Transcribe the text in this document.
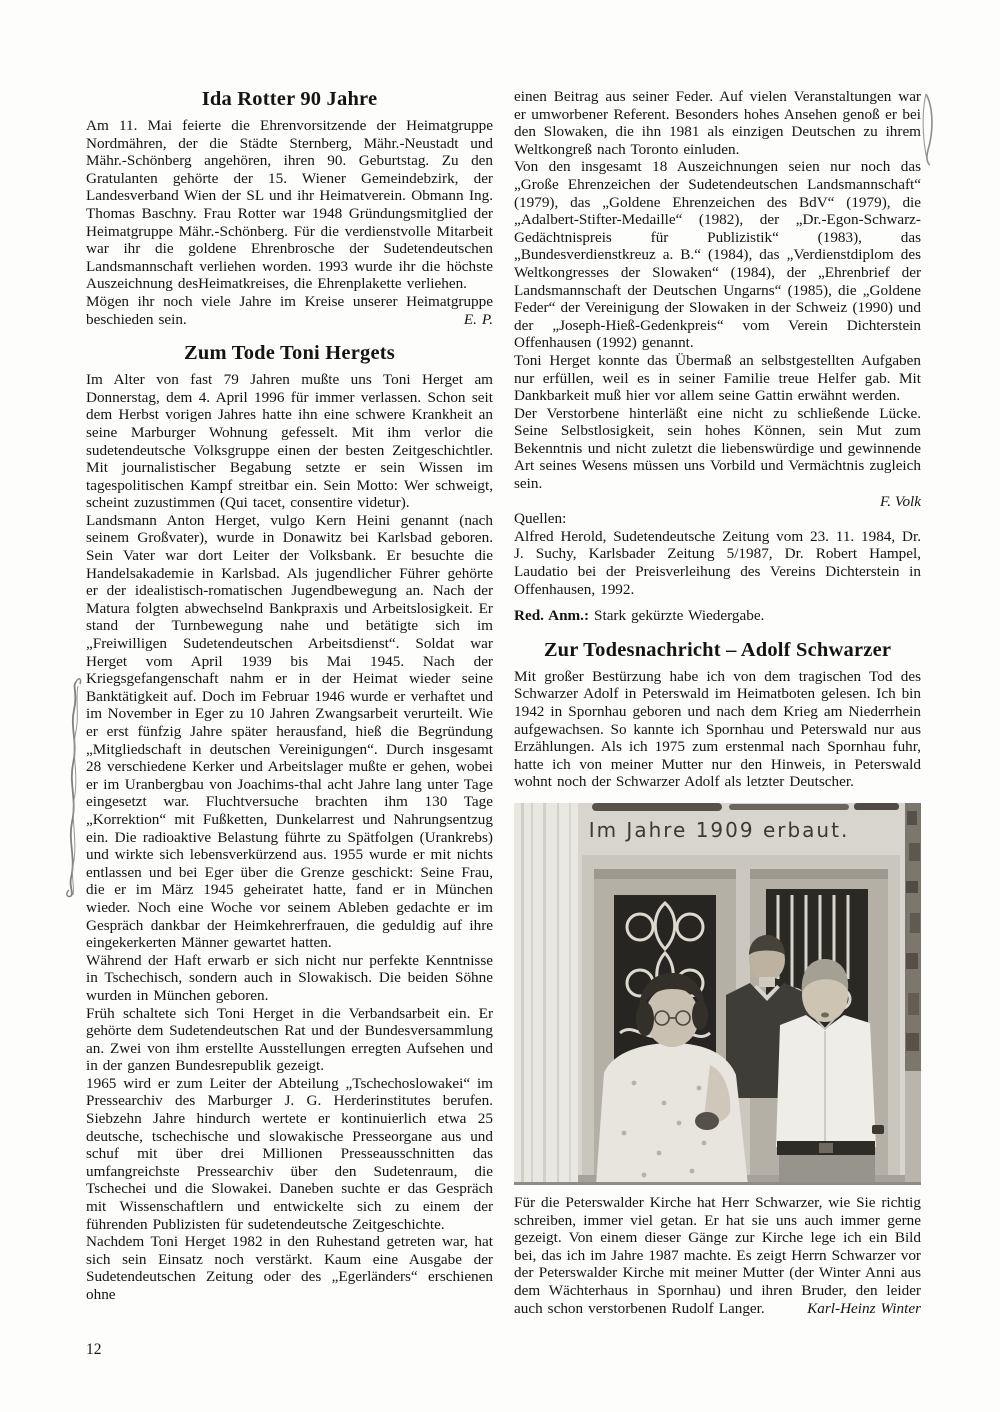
Ida Rotter 90 Jahre

Am 11. Mai feierte die Ehrenvorsitzende der Heimatgruppe Nordmähren, der die Städte Sternberg, Mähr.-Neustadt und Mähr.-Schönberg angehören, ihren 90. Geburtstag. Zu den Gratulanten gehörte der 15. Wiener Gemeindebzirk, der Landesverband Wien der SL und ihr Heimatverein. Obmann Ing. Thomas Baschny. Frau Rotter war 1948 Gründungsmitglied der Heimatgruppe Mähr.-Schönberg. Für die verdienstvolle Mitarbeit war ihr die goldene Ehrenbrosche der Sudetendeutschen Landsmannschaft verliehen worden. 1993 wurde ihr die höchste Auszeichnung desHeimatkreises, die Ehrenplakette verliehen.

Mögen ihr noch viele Jahre im Kreise unserer Heimatgruppe beschieden sein.	E. P.

Zum Tode Toni Hergets

Im Alter von fast 79 Jahren mußte uns Toni Herget am Donnerstag, dem 4. April 1996 für immer verlassen. Schon seit dem Herbst vorigen Jahres hatte ihn eine schwere Krankheit an seine Marburger Wohnung gefesselt. Mit ihm verlor die sudetendeutsche Volksgruppe einen der besten Zeitgeschichtler. Mit journalistischer Begabung setzte er sein Wissen im tagespolitischen Kampf streitbar ein. Sein Motto: Wer schweigt, scheint zuzustimmen (Qui tacet, consentire videtur).

Landsmann Anton Herget, vulgo Kern Heini genannt (nach seinem Großvater), wurde in Donawitz bei Karlsbad geboren. Sein Vater war dort Leiter der Volksbank. Er besuchte die Handelsakademie in Karlsbad. Als jugendlicher Führer gehörte er der idealistisch-romatischen Jugendbewegung an. Nach der Matura folgten abwechselnd Bankpraxis und Arbeitslosigkeit. Er stand der Turnbewegung nahe und betätigte sich im „Freiwilligen Sudetendeutschen Arbeitsdienst“. Soldat war Herget vom April 1939 bis Mai 1945. Nach der Kriegsgefangenschaft nahm er in der Heimat wieder seine Banktätigkeit auf. Doch im Februar 1946 wurde er verhaftet und im November in Eger zu 10 Jahren Zwangsarbeit verurteilt. Wie er erst fünfzig Jahre später herausfand, hieß die Begründung „Mitgliedschaft in deutschen Vereinigungen“. Durch insgesamt 28 verschiedene Kerker und Arbeitslager mußte er gehen, wobei er im Uranbergbau von Joachims-thal acht Jahre lang unter Tage eingesetzt war. Fluchtversuche brachten ihm 130 Tage „Korrektion“ mit Fußketten, Dunkelarrest und Nahrungsentzug ein. Die radioaktive Belastung führte zu Spätfolgen (Urankrebs) und wirkte sich lebensverkürzend aus. 1955 wurde er mit nichts entlassen und bei Eger über die Grenze geschickt: Seine Frau, die er im März 1945 geheiratet hatte, fand er in München wieder. Noch eine Woche vor seinem Ableben gedachte er im Gespräch dankbar der Heimkehrerfrauen, die geduldig auf ihre eingekerkerten Männer gewartet hatten.

Während der Haft erwarb er sich nicht nur perfekte Kenntnisse in Tschechisch, sondern auch in Slowakisch. Die beiden Söhne wurden in München geboren.

Früh schaltete sich Toni Herget in die Verbandsarbeit ein. Er gehörte dem Sudetendeutschen Rat und der Bundesversammlung an. Zwei von ihm erstellte Ausstellungen erregten Aufsehen und in der ganzen Bundesrepublik gezeigt.

1965 wird er zum Leiter der Abteilung „Tschechoslowakei“ im Pressearchiv des Marburger J. G. Herderinstitutes berufen. Siebzehn Jahre hindurch wertete er kontinuierlich etwa 25 deutsche, tschechische und slowakische Presseorgane aus und schuf mit über drei Millionen Presseausschnitten das umfangreichste Pressearchiv über den Sudetenraum, die Tschechei und die Slowakei. Daneben suchte er das Gespräch mit Wissenschaftlern und entwickelte sich zu einem der führenden Publizisten für sudetendeutsche Zeitgeschichte.

Nachdem Toni Herget 1982 in den Ruhestand getreten war, hat sich sein Einsatz noch verstärkt. Kaum eine Ausgabe der Sudetendeutschen Zeitung oder des „Egerländers“ erschienen ohne

einen Beitrag aus seiner Feder. Auf vielen Veranstaltungen war er umworbener Referent. Besonders hohes Ansehen genoß er bei den Slowaken, die ihn 1981 als einzigen Deutschen zu ihrem Weltkongreß nach Toronto einluden.

Von den insgesamt 18 Auszeichnungen seien nur noch das „Große Ehrenzeichen der Sudetendeutschen Landsmannschaft“ (1979), das „Goldene Ehrenzeichen des BdV“ (1979), die „Adalbert-Stifter-Medaille“ (1982), der „Dr.-Egon-Schwarz-Gedächtnispreis für Publizistik“ (1983), das „Bundesverdienstkreuz a. B.“ (1984), das „Verdienstdiplom des Weltkongresses der Slowaken“ (1984), der „Ehrenbrief der Landsmannschaft der Deutschen Ungarns“ (1985), die „Goldene Feder“ der Vereinigung der Slowaken in der Schweiz (1990) und der „Joseph-Hieß-Gedenkpreis“ vom Verein Dichterstein Offenhausen (1992) genannt.

Toni Herget konnte das Übermaß an selbstgestellten Aufgaben nur erfüllen, weil es in seiner Familie treue Helfer gab. Mit Dankbarkeit muß hier vor allem seine Gattin erwähnt werden.

Der Verstorbene hinterläßt eine nicht zu schließende Lücke. Seine Selbstlosigkeit, sein hohes Können, sein Mut zum Bekenntnis und nicht zuletzt die liebenswürdige und gewinnende Art seines Wesens müssen uns Vorbild und Vermächtnis zugleich sein.

F. Volk

Quellen:

Alfred Herold, Sudetendeutsche Zeitung vom 23. 11. 1984, Dr. J. Suchy, Karlsbader Zeitung 5/1987, Dr. Robert Hampel, Laudatio bei der Preisverleihung des Vereins Dichterstein in Offenhausen, 1992.

Red. Anm.: Stark gekürzte Wiedergabe.

Zur Todesnachricht – Adolf Schwarzer

Mit großer Bestürzung habe ich von dem tragischen Tod des Schwarzer Adolf in Peterswald im Heimatboten gelesen. Ich bin 1942 in Spornhau geboren und nach dem Krieg am Niederrhein aufgewachsen. So kannte ich Spornhau und Peterswald nur aus Erzählungen. Als ich 1975 zum erstenmal nach Spornhau fuhr, hatte ich von meiner Mutter nur den Hinweis, in Peterswald wohnt noch der Schwarzer Adolf als letzter Deutscher.

Im Jahre 1909 erbaut.

Für die Peterswalder Kirche hat Herr Schwarzer, wie Sie richtig schreiben, immer viel getan. Er hat sie uns auch immer gerne gezeigt. Von einem dieser Gänge zur Kirche lege ich ein Bild bei, das ich im Jahre 1987 machte. Es zeigt Herrn Schwarzer vor der Peterswalder Kirche mit meiner Mutter (der Winter Anni aus dem Wächterhaus in Spornhau) und ihren Bruder, den leider auch schon verstorbenen Rudolf Langer.	Karl-Heinz Winter

12
